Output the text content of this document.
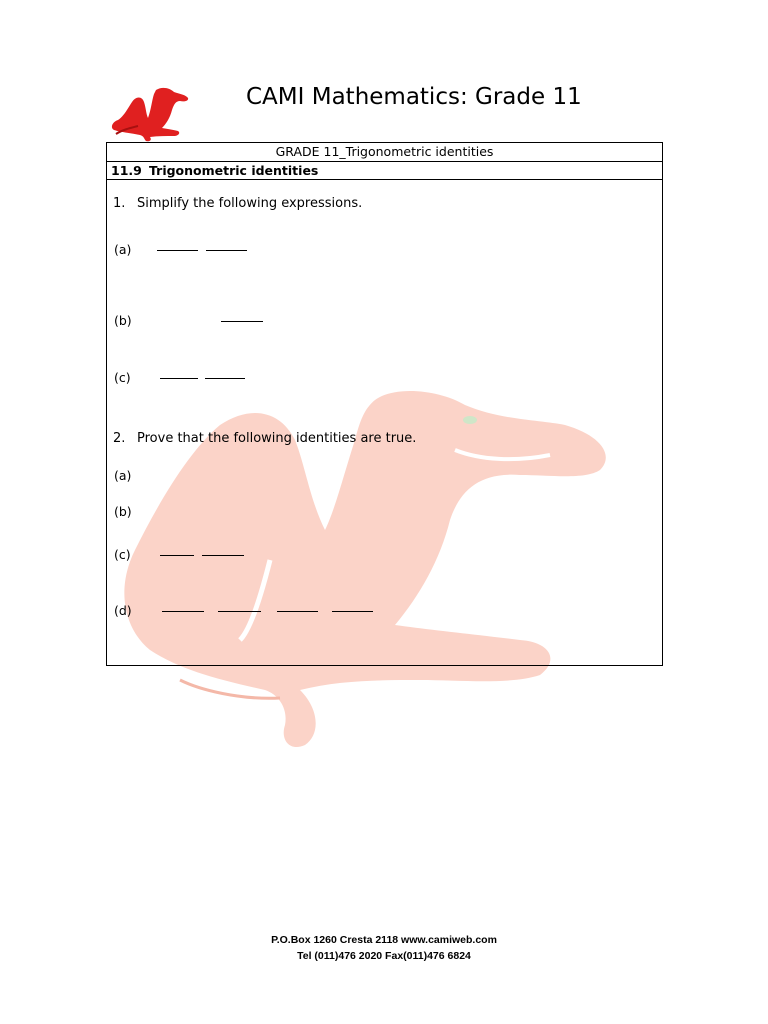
CAMI Mathematics: Grade 11
GRADE 11_Trigonometric identities
11.9 Trigonometric identities
1. Simplify the following expressions.
(a)
(b)
(c)
2. Prove that the following identities are true.
(a)
(b)
(c)
(d)
P.O.Box 1260 Cresta 2118 www.camiweb.com
Tel (011)476 2020 Fax(011)476 6824
